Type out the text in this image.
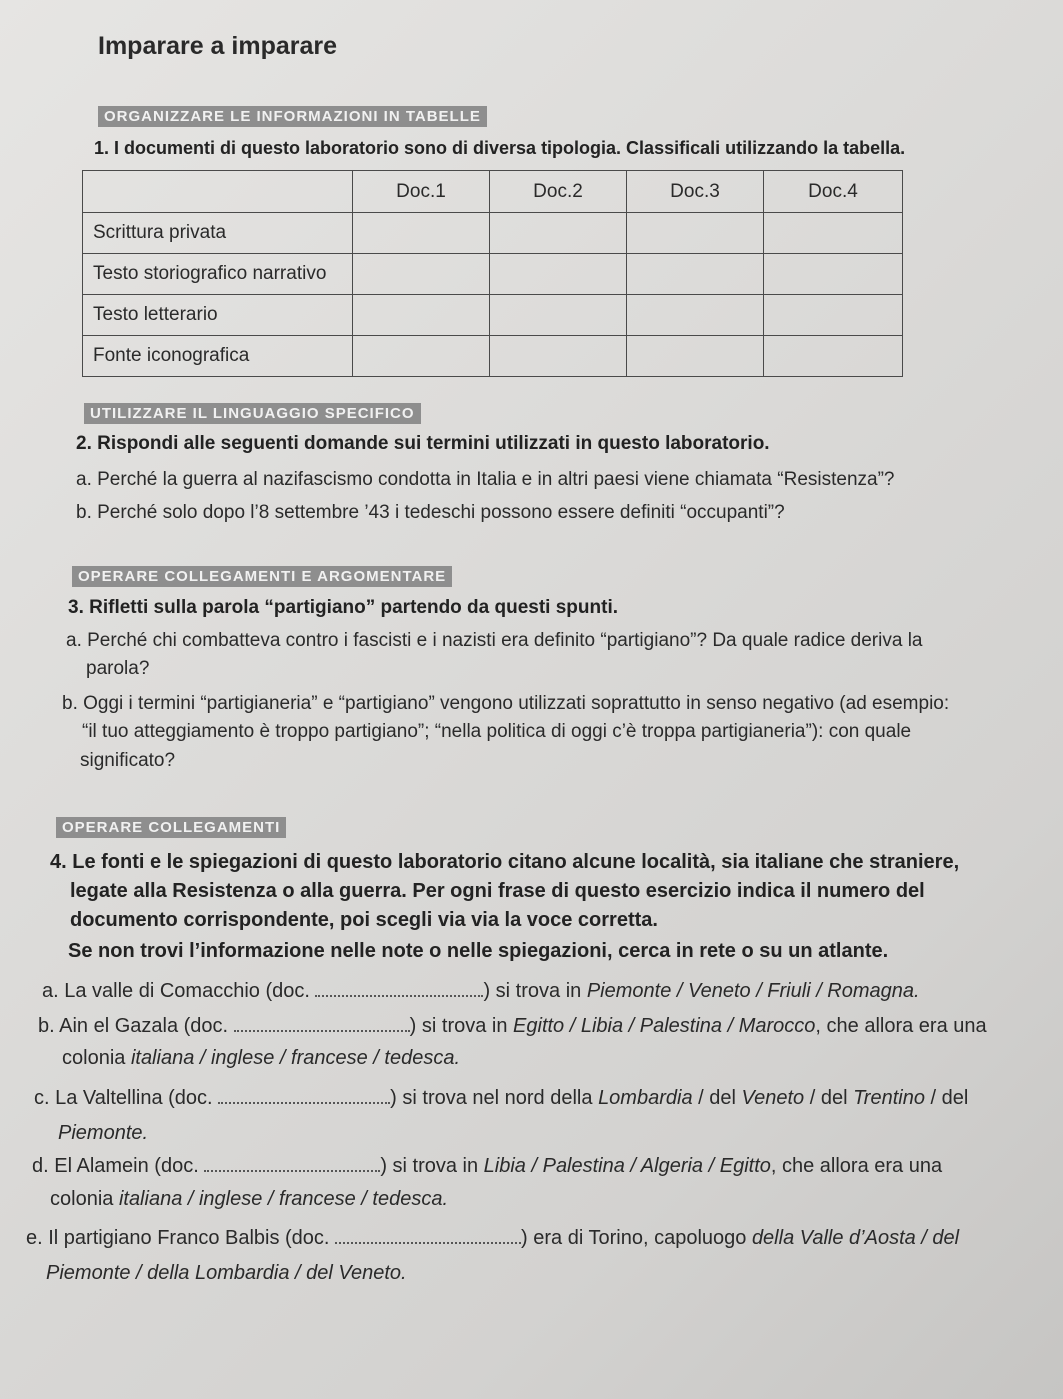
Imparare a imparare
ORGANIZZARE LE INFORMAZIONI IN TABELLE
1. I documenti di questo laboratorio sono di diversa tipologia. Classificali utilizzando la tabella.
	Doc.1	Doc.2	Doc.3	Doc.4
Scrittura privata				
Testo storiografico narrativo				
Testo letterario				
Fonte iconografica				
UTILIZZARE IL LINGUAGGIO SPECIFICO
2. Rispondi alle seguenti domande sui termini utilizzati in questo laboratorio.
a. Perché la guerra al nazifascismo condotta in Italia e in altri paesi viene chiamata “Resistenza”?
b. Perché solo dopo l’8 settembre ’43 i tedeschi possono essere definiti “occupanti”?
OPERARE COLLEGAMENTI E ARGOMENTARE
3. Rifletti sulla parola “partigiano” partendo da questi spunti.
a. Perché chi combatteva contro i fascisti e i nazisti era definito “partigiano”? Da quale radice deriva la
parola?
b. Oggi i termini “partigianeria” e “partigiano” vengono utilizzati soprattutto in senso negativo (ad esempio:
“il tuo atteggiamento è troppo partigiano”; “nella politica di oggi c’è troppa partigianeria”): con quale
significato?
OPERARE COLLEGAMENTI
4. Le fonti e le spiegazioni di questo laboratorio citano alcune località, sia italiane che straniere,
legate alla Resistenza o alla guerra. Per ogni frase di questo esercizio indica il numero del
documento corrispondente, poi scegli via via la voce corretta.
Se non trovi l’informazione nelle note o nelle spiegazioni, cerca in rete o su un atlante.
a. La valle di Comacchio (doc.	) si trova in Piemonte / Veneto / Friuli / Romagna.
b. Ain el Gazala (doc.	) si trova in Egitto / Libia / Palestina / Marocco, che allora era una
colonia italiana / inglese / francese / tedesca.
c. La Valtellina (doc.	) si trova nel nord della Lombardia / del Veneto / del Trentino / del
Piemonte.
d. El Alamein (doc.	) si trova in Libia / Palestina / Algeria / Egitto, che allora era una
colonia italiana / inglese / francese / tedesca.
e. Il partigiano Franco Balbis (doc.	) era di Torino, capoluogo della Valle d’Aosta / del
Piemonte / della Lombardia / del Veneto.
